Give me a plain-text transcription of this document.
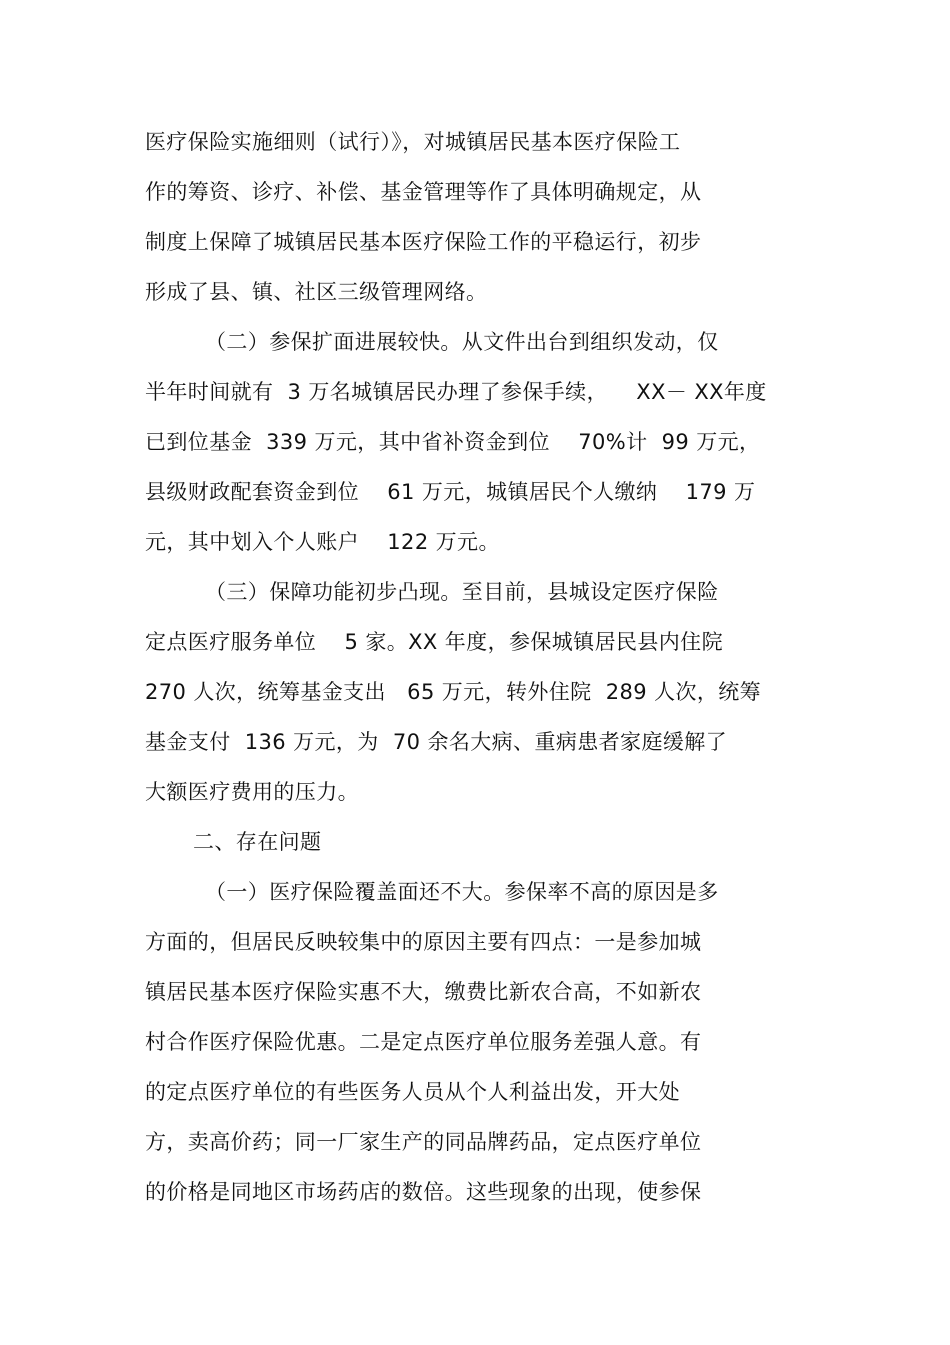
医疗保险实施细则（试行）》，对城镇居民基本医疗保险工
作的筹资、诊疗、补偿、基金管理等作了具体明确规定，从
制度上保障了城镇居民基本医疗保险工作的平稳运行，初步
形成了县、镇、社区三级管理网络。
（二）参保扩面进展较快。从文件出台到组织发动，仅
半年时间就有  3 万名城镇居民办理了参保手续，    XX－ XX年度
已到位基金  339 万元，其中省补资金到位    70%计  99 万元，
县级财政配套资金到位    61 万元，城镇居民个人缴纳    179 万
元，其中划入个人账户    122 万元。
（三）保障功能初步凸现。至目前，县城设定医疗保险
定点医疗服务单位    5 家。XX 年度，参保城镇居民县内住院
270 人次，统筹基金支出   65 万元，转外住院  289 人次，统筹
基金支付  136 万元，为  70 余名大病、重病患者家庭缓解了
大额医疗费用的压力。
二、存在问题
（一）医疗保险覆盖面还不大。参保率不高的原因是多
方面的，但居民反映较集中的原因主要有四点：一是参加城
镇居民基本医疗保险实惠不大，缴费比新农合高，不如新农
村合作医疗保险优惠。二是定点医疗单位服务差强人意。有
的定点医疗单位的有些医务人员从个人利益出发，开大处
方，卖高价药；同一厂家生产的同品牌药品，定点医疗单位
的价格是同地区市场药店的数倍。这些现象的出现，使参保
